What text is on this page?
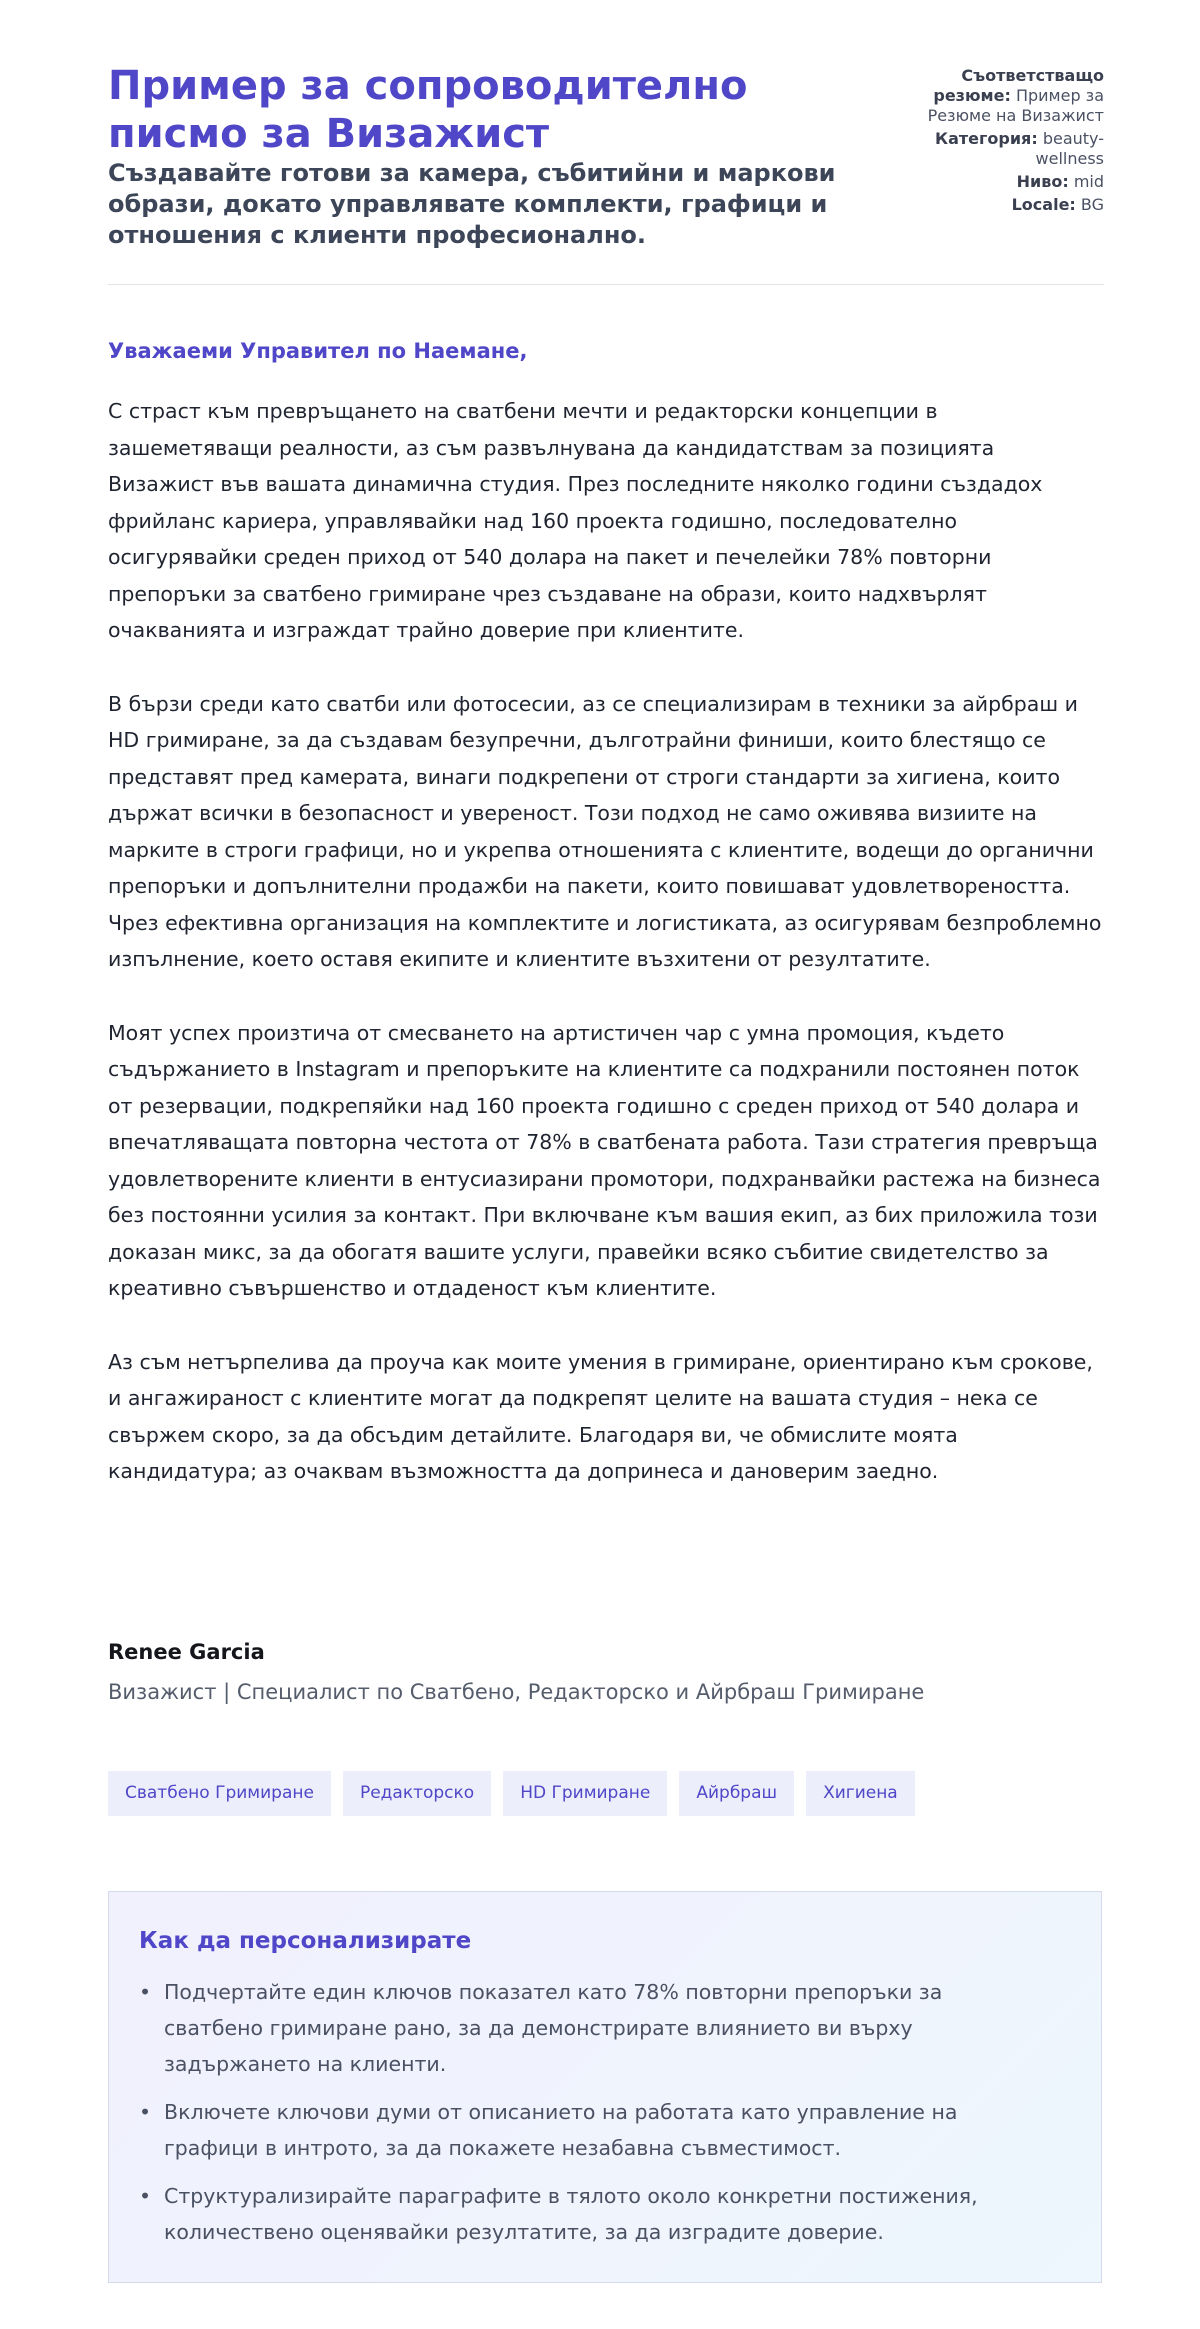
Пример за сопроводително писмо за Визажист
Създавайте готови за камера, събитийни и маркови образи, докато управлявате комплекти, графици и отношения с клиенти професионално.
Съответстващо резюме: Пример за Резюме на Визажист
Категория: beauty-wellness
Ниво: mid
Locale: BG
Уважаеми Управител по Наемане,

С страст към превръщането на сватбени мечти и редакторски концепции в зашеметяващи реалности, аз съм развълнувана да кандидатствам за позицията Визажист във вашата динамична студия. През последните няколко години създадох фрийланс кариера, управлявайки над 160 проекта годишно, последователно осигурявайки среден приход от 540 долара на пакет и печелейки 78% повторни препоръки за сватбено гримиране чрез създаване на образи, които надхвърлят очакванията и изграждат трайно доверие при клиентите.

В бързи среди като сватби или фотосесии, аз се специализирам в техники за айрбраш и HD гримиране, за да създавам безупречни, дълготрайни финиши, които блестящо се представят пред камерата, винаги подкрепени от строги стандарти за хигиена, които държат всички в безопасност и увереност. Този подход не само оживява визиите на марките в строги графици, но и укрепва отношенията с клиентите, водещи до органични препоръки и допълнителни продажби на пакети, които повишават удовлетвореността. Чрез ефективна организация на комплектите и логистиката, аз осигурявам безпроблемно изпълнение, което оставя екипите и клиентите възхитени от резултатите.

Моят успех произтича от смесването на артистичен чар с умна промоция, където съдържанието в Instagram и препоръките на клиентите са подхранили постоянен поток от резервации, подкрепяйки над 160 проекта годишно с среден приход от 540 долара и впечатляващата повторна честота от 78% в сватбената работа. Тази стратегия превръща удовлетворените клиенти в ентусиазирани промотори, подхранвайки растежа на бизнеса без постоянни усилия за контакт. При включване към вашия екип, аз бих приложила този доказан микс, за да обогатя вашите услуги, правейки всяко събитие свидетелство за креативно съвършенство и отдаденост към клиентите.

Аз съм нетърпелива да проуча как моите умения в гримиране, ориентирано към срокове, и ангажираност с клиентите могат да подкрепят целите на вашата студия – нека се свържем скоро, за да обсъдим детайлите. Благодаря ви, че обмислите моята кандидатура; аз очаквам възможността да допринеса и дановерим заедно.

Renee Garcia

Визажист | Специалист по Сватбено, Редакторско и Айрбраш Гримиране

Сватбено Гримиране	Редакторско	HD Гримиране	Айрбраш	Хигиена
Как да персонализирате
• Подчертайте един ключов показател като 78% повторни препоръки за сватбено гримиране рано, за да демонстрирате влиянието ви върху задържането на клиенти.
• Включете ключови думи от описанието на работата като управление на графици в интрото, за да покажете незабавна съвместимост.
• Структурализирайте параграфите в тялото около конкретни постижения, количествено оценявайки резултатите, за да изградите доверие.
